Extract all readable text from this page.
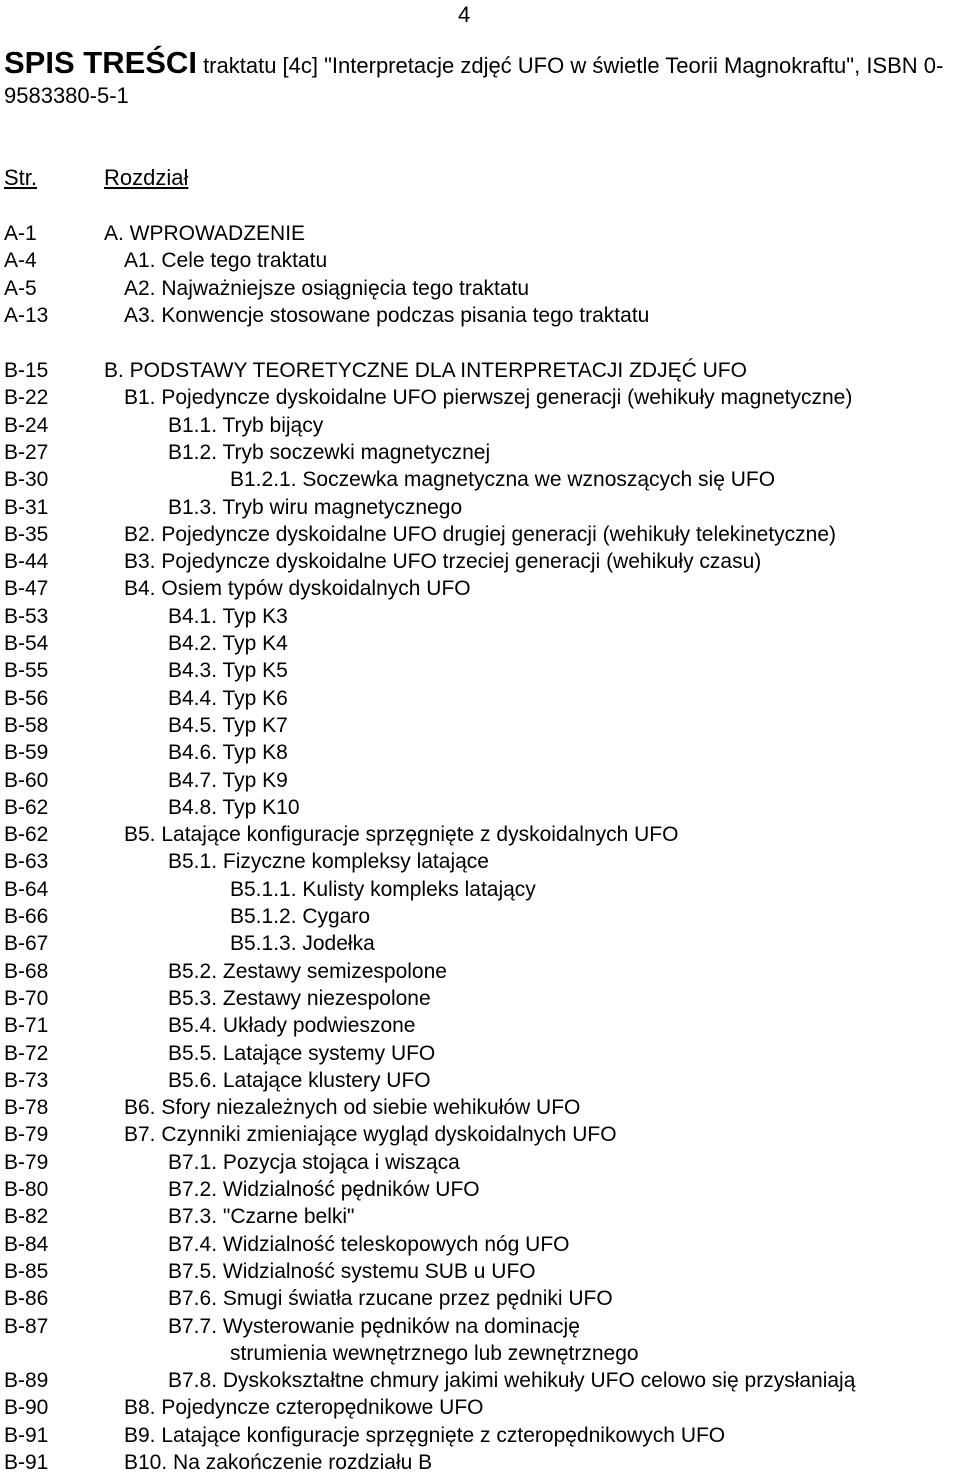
4
SPIS TREŚCI traktatu [4c] "Interpretacje zdjęć UFO w świetle Teorii Magnokraftu", ISBN 0-9583380-5-1
Str.	Rozdział
A-1	A. WPROWADZENIE
A-4	A1. Cele tego traktatu
A-5	A2. Najważniejsze osiągnięcia tego traktatu
A-13	A3. Konwencje stosowane podczas pisania tego traktatu
B-15	B. PODSTAWY TEORETYCZNE DLA INTERPRETACJI ZDJĘĆ UFO
B-22	B1. Pojedyncze dyskoidalne UFO pierwszej generacji (wehikuły magnetyczne)
B-24	B1.1. Tryb bijący
B-27	B1.2. Tryb soczewki magnetycznej
B-30	B1.2.1. Soczewka magnetyczna we wznoszących się UFO
B-31	B1.3. Tryb wiru magnetycznego
B-35	B2. Pojedyncze dyskoidalne UFO drugiej generacji (wehikuły telekinetyczne)
B-44	B3. Pojedyncze dyskoidalne UFO trzeciej generacji (wehikuły czasu)
B-47	B4. Osiem typów dyskoidalnych UFO
B-53	B4.1. Typ K3
B-54	B4.2. Typ K4
B-55	B4.3. Typ K5
B-56	B4.4. Typ K6
B-58	B4.5. Typ K7
B-59	B4.6. Typ K8
B-60	B4.7. Typ K9
B-62	B4.8. Typ K10
B-62	B5. Latające konfiguracje sprzęgnięte z dyskoidalnych UFO
B-63	B5.1. Fizyczne kompleksy latające
B-64	B5.1.1. Kulisty kompleks latający
B-66	B5.1.2. Cygaro
B-67	B5.1.3. Jodełka
B-68	B5.2. Zestawy semizespolone
B-70	B5.3. Zestawy niezespolone
B-71	B5.4. Układy podwieszone
B-72	B5.5. Latające systemy UFO
B-73	B5.6. Latające klustery UFO
B-78	B6. Sfory niezależnych od siebie wehikułów UFO
B-79	B7. Czynniki zmieniające wygląd dyskoidalnych UFO
B-79	B7.1. Pozycja stojąca i wisząca
B-80	B7.2. Widzialność pędników UFO
B-82	B7.3. "Czarne belki"
B-84	B7.4. Widzialność teleskopowych nóg UFO
B-85	B7.5. Widzialność systemu SUB u UFO
B-86	B7.6. Smugi światła rzucane przez pędniki UFO
B-87	B7.7. Wysterowanie pędników na dominację
strumienia wewnętrznego lub zewnętrznego
B-89	B7.8. Dyskokształtne chmury jakimi wehikuły UFO celowo się przysłaniają
B-90	B8. Pojedyncze czteropędnikowe UFO
B-91	B9. Latające konfiguracje sprzęgnięte z czteropędnikowych UFO
B-91	B10. Na zakończenie rozdziału B
